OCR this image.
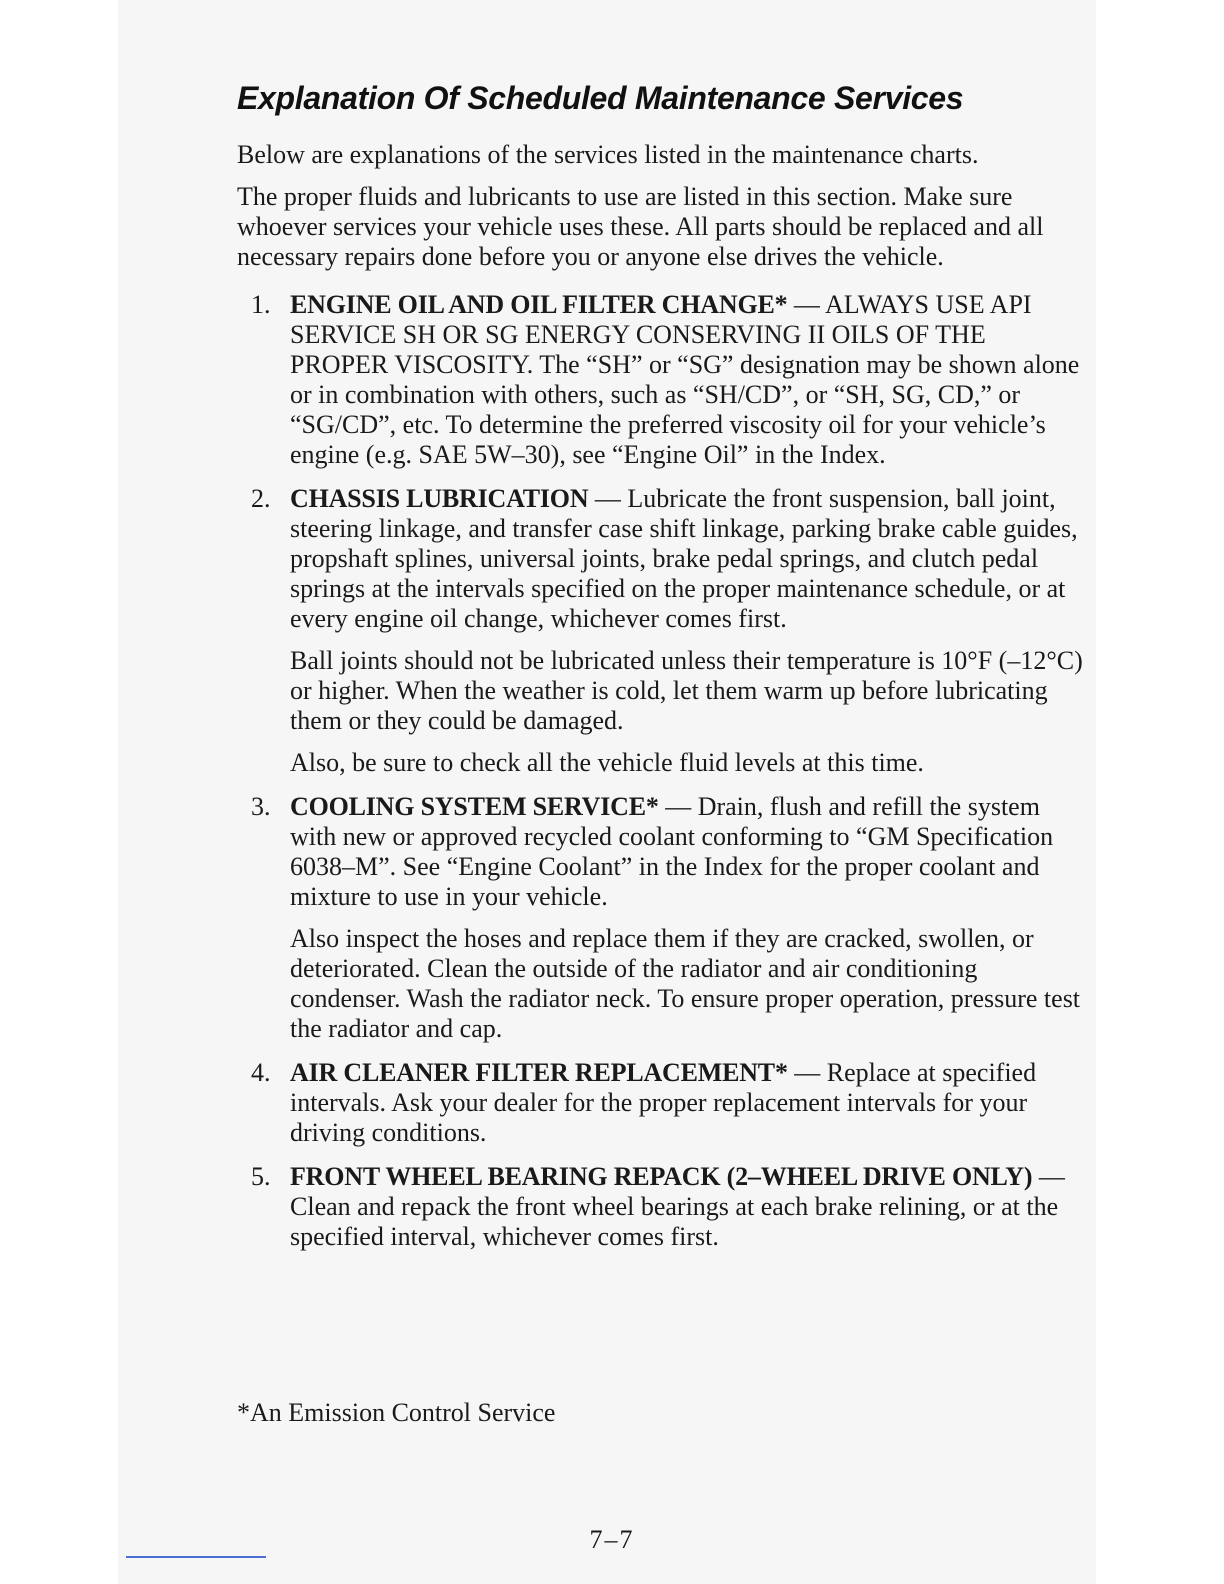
Explanation Of Scheduled Maintenance Services

Below are explanations of the services listed in the maintenance charts.

The proper fluids and lubricants to use are listed in this section. Make sure whoever services your vehicle uses these. All parts should be replaced and all necessary repairs done before you or anyone else drives the vehicle.

1. ENGINE OIL AND OIL FILTER CHANGE* — ALWAYS USE API SERVICE SH OR SG ENERGY CONSERVING II OILS OF THE PROPER VISCOSITY. The “SH” or “SG” designation may be shown alone or in combination with others, such as “SH/CD”, or “SH, SG, CD,” or “SG/CD”, etc. To determine the preferred viscosity oil for your vehicle’s engine (e.g. SAE 5W–30), see “Engine Oil” in the Index.
2. CHASSIS LUBRICATION — Lubricate the front suspension, ball joint, steering linkage, and transfer case shift linkage, parking brake cable guides, propshaft splines, universal joints, brake pedal springs, and clutch pedal springs at the intervals specified on the proper maintenance schedule, or at every engine oil change, whichever comes first.

Ball joints should not be lubricated unless their temperature is 10°F (–12°C) or higher. When the weather is cold, let them warm up before lubricating them or they could be damaged.

Also, be sure to check all the vehicle fluid levels at this time.

3. COOLING SYSTEM SERVICE* — Drain, flush and refill the system with new or approved recycled coolant conforming to “GM Specification 6038–M”. See “Engine Coolant” in the Index for the proper coolant and mixture to use in your vehicle.

Also inspect the hoses and replace them if they are cracked, swollen, or deteriorated. Clean the outside of the radiator and air conditioning condenser. Wash the radiator neck. To ensure proper operation, pressure test the radiator and cap.

4. AIR CLEANER FILTER REPLACEMENT* — Replace at specified intervals. Ask your dealer for the proper replacement intervals for your driving conditions.
5. FRONT WHEEL BEARING REPACK (2–WHEEL DRIVE ONLY) — Clean and repack the front wheel bearings at each brake relining, or at the specified interval, whichever comes first.
*An Emission Control Service
7–7
